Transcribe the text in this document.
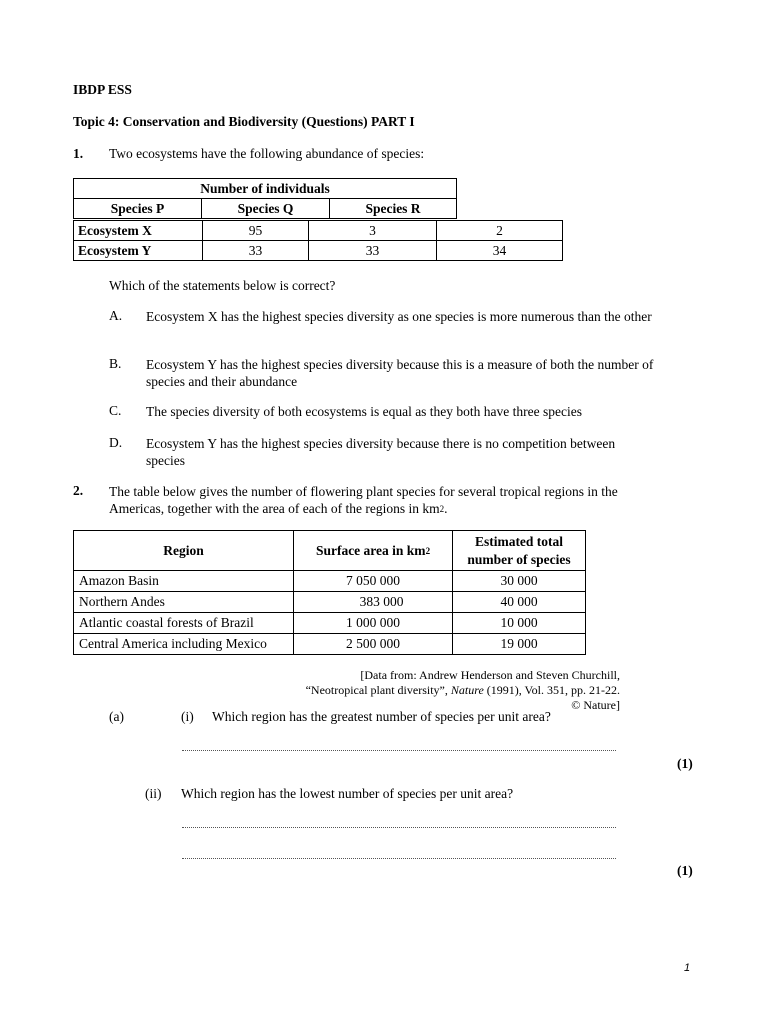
IBDP ESS
Topic 4: Conservation and Biodiversity (Questions) PART I
1. Two ecosystems have the following abundance of species:
Number of individuals
Species P	Species Q	Species R
Ecosystem X	95	3	2
Ecosystem Y	33	33	34
Which of the statements below is correct?
A. Ecosystem X has the highest species diversity as one species is more numerous than the other
B. Ecosystem Y has the highest species diversity because this is a measure of both the number of species and their abundance
C. The species diversity of both ecosystems is equal as they both have three species
D. Ecosystem Y has the highest species diversity because there is no competition between species
2. The table below gives the number of flowering plant species for several tropical regions in the Americas, together with the area of each of the regions in km2.
Region	Surface area in km2	Estimated total
number of species
Amazon Basin	7 050 000	30 000
Northern Andes	383 000	40 000
Atlantic coastal forests of Brazil	1 000 000	10 000
Central America including Mexico	2 500 000	19 000
[Data from: Andrew Henderson and Steven Churchill,
“Neotropical plant diversity”, Nature (1991), Vol. 351, pp. 21-22. © Nature]
(a)	(i) Which region has the greatest number of species per unit area?
(1)
(ii) Which region has the lowest number of species per unit area?
(1)
1
